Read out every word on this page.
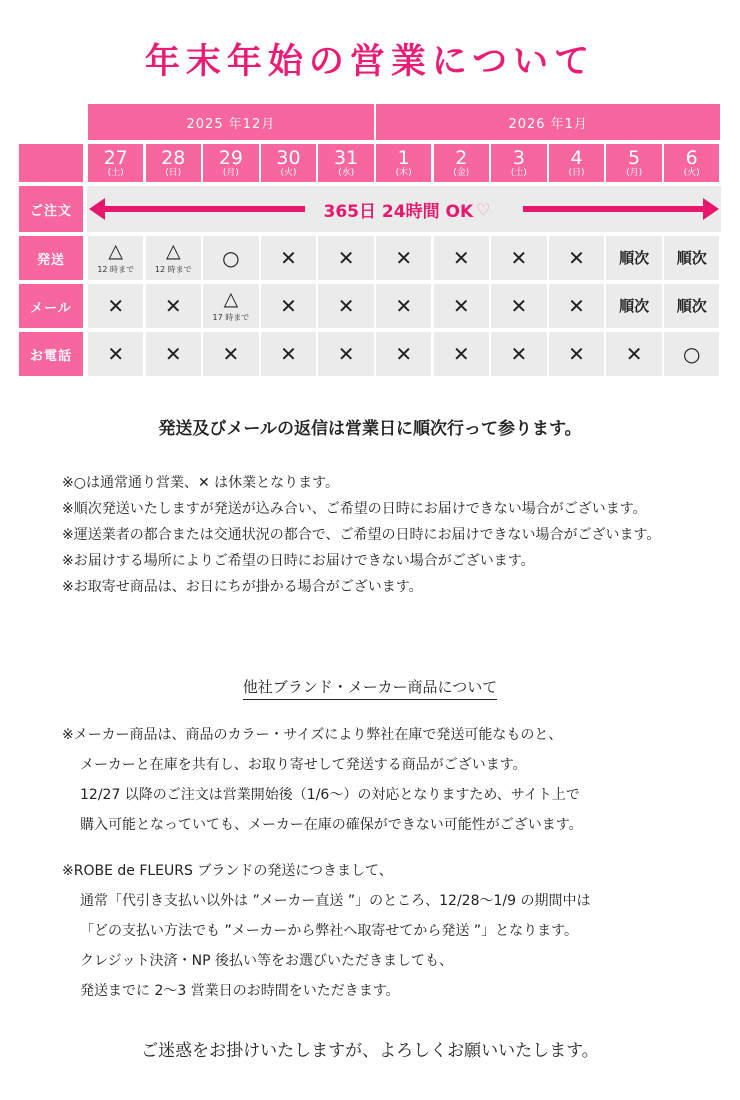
年末年始の営業について
2025 年12月	2026 年1月
27
(土)
28
(日)
29
(月)
30
(火)
31
(水)
1
(木)
2
(金)
3
(土)
4
(日)
5
(月)
6
(火)
ご注文	365日 24時間 OK ♡
発送 △
12 時まで
△
12 時まで ○ ✕ ✕ ✕ ✕ ✕ ✕ 順次 順次
メール ✕ ✕ △
17 時まで ✕ ✕ ✕ ✕ ✕ ✕ 順次 順次
お電話 ✕ ✕ ✕ ✕ ✕ ✕ ✕ ✕ ✕ ✕ ○
発送及びメールの返信は営業日に順次行って参ります。
※○は通常通り営業、✕ は休業となります。
※順次発送いたしますが発送が込み合い、ご希望の日時にお届けできない場合がございます。
※運送業者の都合または交通状況の都合で、ご希望の日時にお届けできない場合がございます。
※お届けする場所によりご希望の日時にお届けできない場合がございます。
※お取寄せ商品は、お日にちが掛かる場合がございます。
他社ブランド・メーカー商品について
※メーカー商品は、商品のカラー・サイズにより弊社在庫で発送可能なものと、
メーカーと在庫を共有し、お取り寄せして発送する商品がございます。
12/27 以降のご注文は営業開始後（1/6〜）の対応となりますため、サイト上で
購入可能となっていても、メーカー在庫の確保ができない可能性がございます。
※ROBE de FLEURS ブランドの発送につきまして、
通常「代引き支払い以外は ”メーカー直送 ”」のところ、12/28〜1/9 の期間中は
「どの支払い方法でも ”メーカーから弊社へ取寄せてから発送 ”」となります。
クレジット決済・NP 後払い等をお選びいただきましても、
発送までに 2〜3 営業日のお時間をいただきます。
ご迷惑をお掛けいたしますが、よろしくお願いいたします。
